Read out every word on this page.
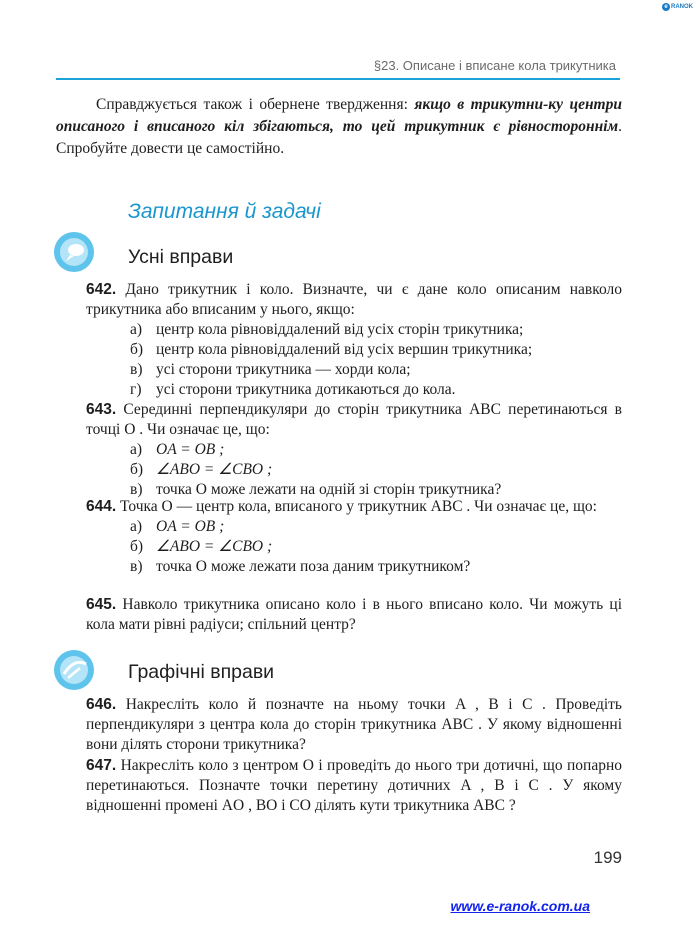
e RANOK
§23. Описане і вписане кола трикутника
Справджується також і обернене твердження: якщо в трикутни-ку центри описаного і вписаного кіл збігаються, то цей трикутник є рівностороннім. Спробуйте довести це самостійно.
Запитання й задачі
Усні вправи
642. Дано трикутник і коло. Визначте, чи є дане коло описаним навколо трикутника або вписаним у нього, якщо:
а) центр кола рівновіддалений від усіх сторін трикутника;
б) центр кола рівновіддалений від усіх вершин трикутника;
в) усі сторони трикутника — хорди кола;
г) усі сторони трикутника дотикаються до кола.
643. Серединні перпендикуляри до сторін трикутника ABC перетинаються в точці O . Чи означає це, що:
а) OA = OB ;
б) ∠ABO = ∠CBO ;
в) точка O може лежати на одній зі сторін трикутника?
644. Точка O — центр кола, вписаного у трикутник ABC . Чи означає це, що:
а) OA = OB ;
б) ∠ABO = ∠CBO ;
в) точка O може лежати поза даним трикутником?
645. Навколо трикутника описано коло і в нього вписано коло. Чи можуть ці кола мати рівні радіуси; спільний центр?
Графічні вправи
646. Накресліть коло й позначте на ньому точки A , B і C . Проведіть перпендикуляри з центра кола до сторін трикутника ABC . У якому відношенні вони ділять сторони трикутника?
647. Накресліть коло з центром O і проведіть до нього три дотичні, що попарно перетинаються. Позначте точки перетину дотичних A , B і C . У якому відношенні промені AO , BO і CO ділять кути трикутника ABC ?
199
www.e-ranok.com.ua
